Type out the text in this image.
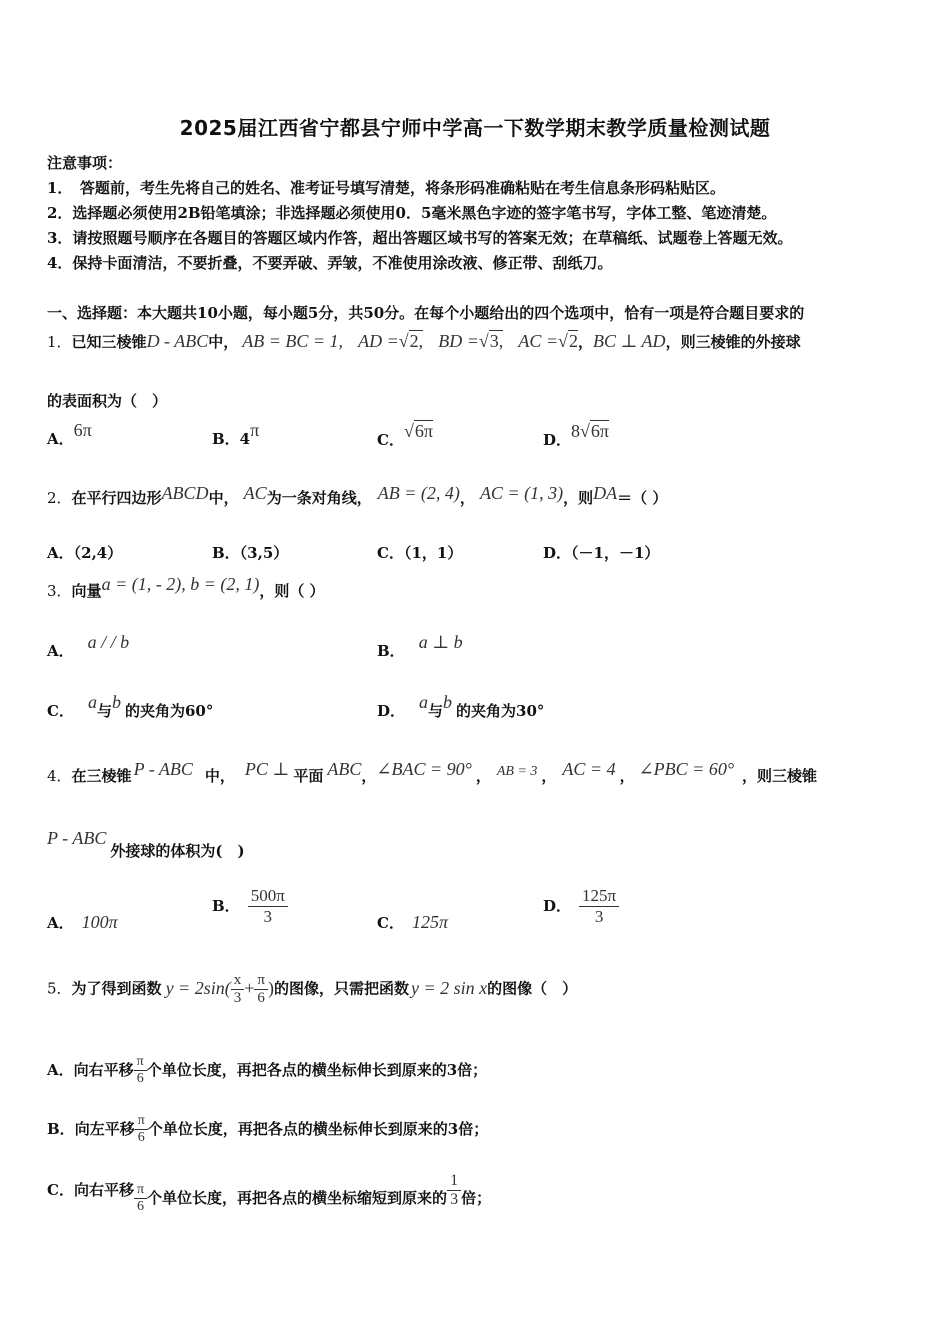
2025届江西省宁都县宁师中学高一下数学期末教学质量检测试题
注意事项：
1．　答题前，考生先将自己的姓名、准考证号填写清楚，将条形码准确粘贴在考生信息条形码粘贴区。
2．选择题必须使用2B铅笔填涂；非选择题必须使用0．5毫米黑色字迹的签字笔书写，字体工整、笔迹清楚。
3．请按照题号顺序在各题目的答题区域内作答，超出答题区域书写的答案无效；在草稿纸、试题卷上答题无效。
4．保持卡面清洁，不要折叠，不要弄破、弄皱，不准使用涂改液、修正带、刮纸刀。
一、选择题：本大题共10小题，每小题5分，共50分。在每个小题给出的四个选项中，恰有一项是符合题目要求的
1．已知三棱锥D - ABC中， AB = BC = 1, AD =√2, BD =√3, AC =√2，BC ⊥ AD，则三棱锥的外接球
的表面积为（　）
A．6π	B．4π	C．√6π	D．8√6π
2．在平行四边形ABCD中， AC为一条对角线， AB = (2, 4)， AC = (1, 3)，则DA＝（ ）
A．（2,4）	B．（3,5）	C．（1，1）	D．（－1，－1）
3．向量a = (1, - 2), b = (2, 1)，则（ ）
A． a / / b	B． a ⊥ b
C． a与b 的夹角为60°	D． a与b 的夹角为30°
4．在三棱锥 P - ABC 中， PC ⊥ 平面 ABC，∠BAC = 90° ， AB = 3 ， AC = 4 ， ∠PBC = 60° ，则三棱锥
P - ABC外接球的体积为(　)
A． 100π
B． $\frac{500\pi}{3}$	C． 125π
D． $\frac{125\pi}{3}$
5．为了得到函数 $y = 2\sin( \frac{x}{3} + \frac{\pi}{6}$ )的图像，只需把函数 y = 2 sin x的图像（　）
A．向右平移 $\frac{\pi}{6}$ 个单位长度，再把各点的横坐标伸长到原来的3倍；
B．向左平移 $\frac{\pi}{6}$ 个单位长度，再把各点的横坐标伸长到原来的3倍；
C．向右平移 $\frac{\pi}{6}$ 个单位长度，再把各点的横坐标缩短到原来的 $\frac{1}{3}$ 倍；
